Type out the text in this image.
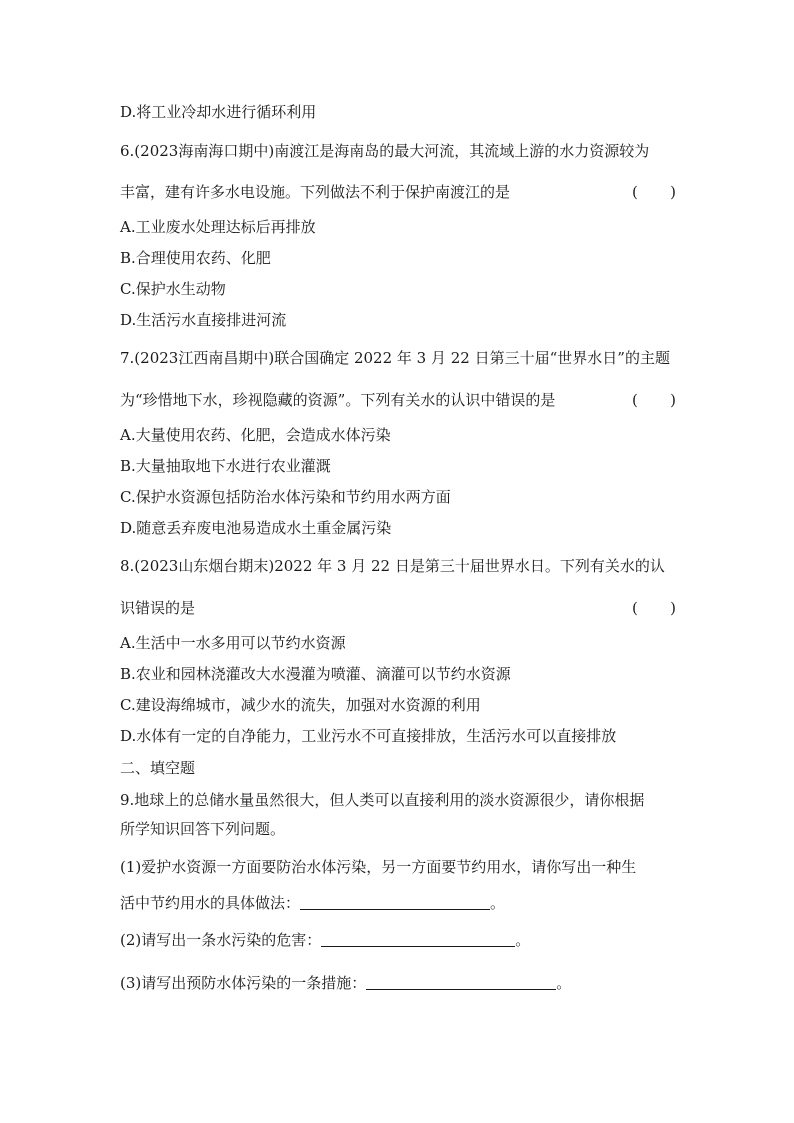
D.将工业冷却水进行循环利用
6.(2023海南海口期中)南渡江是海南岛的最大河流，其流域上游的水力资源较为
丰富，建有许多水电设施。下列做法不利于保护南渡江的是	( )
A.工业废水处理达标后再排放
B.合理使用农药、化肥
C.保护水生动物
D.生活污水直接排进河流
7.(2023江西南昌期中)联合国确定 2022 年 3 月 22 日第三十届“世界水日”的主题
为“珍惜地下水，珍视隐藏的资源”。下列有关水的认识中错误的是	( )
A.大量使用农药、化肥，会造成水体污染
B.大量抽取地下水进行农业灌溉
C.保护水资源包括防治水体污染和节约用水两方面
D.随意丢弃废电池易造成水土重金属污染
8.(2023山东烟台期末)2022 年 3 月 22 日是第三十届世界水日。下列有关水的认
识错误的是	( )
A.生活中一水多用可以节约水资源
B.农业和园林浇灌改大水漫灌为喷灌、滴灌可以节约水资源
C.建设海绵城市，减少水的流失，加强对水资源的利用
D.水体有一定的自净能力，工业污水不可直接排放，生活污水可以直接排放
二、填空题
9.地球上的总储水量虽然很大，但人类可以直接利用的淡水资源很少，请你根据
所学知识回答下列问题。
(1)爱护水资源一方面要防治水体污染，另一方面要节约用水，请你写出一种生
活中节约用水的具体做法：	。
(2)请写出一条水污染的危害：	。
(3)请写出预防水体污染的一条措施：	。
